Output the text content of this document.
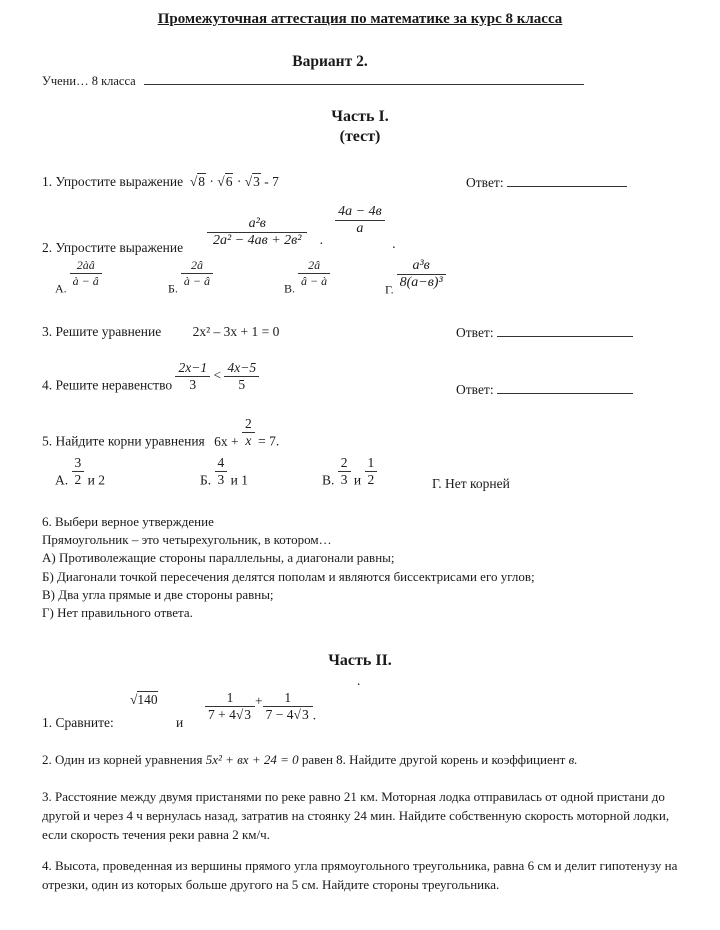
Промежуточная аттестация по математике за курс 8 класса
Вариант 2.
Учени… 8 класса
Часть I.
(тест)
1. Упростите выражение √8 · √6 · √3 - 7	Ответ:
2. Упростите выражение $\frac{\text{a²в}}{\text{2a² − 4aв + 2в²}}$ ·
$\frac{4a - 4в}{a}$
.
А. $\frac{2àâ}{à - â}$	Б. $\frac{2â}{à - â}$	В. $\frac{2â}{â - à}$
Г. $\frac{\text{a³в}}{\text{8(a−в)³}}$
3. Решите уравнение 2x² – 3x + 1 = 0	Ответ:
4. Решите неравенство $\frac{2x-1}{3} < \frac{4x-5}{5}$	Ответ:
5. Найдите корни уравнения $6x + \frac{2}{x} = 7$.
А. $\frac{3}{2}$ и 2	Б. $\frac{4}{3}$ и 1	В. $\frac{2}{3}$ и $\frac{1}{2}$	Г. Нет корней
6. Выбери верное утверждение
Прямоугольник – это четырехугольник, в котором…
А) Противолежащие стороны параллельны, а диагонали равны;
Б) Диагонали точкой пересечения делятся пополам и являются биссектрисами его углов;
В) Два угла прямые и две стороны равны;
Г) Нет правильного ответа.
Часть II.
.
1. Сравните:
√140
и $\frac{1}{7 + 4√3} + \frac{1}{7 - 4√3}$ .
2. Один из корней уравнения 5x² + вx + 24 = 0 равен 8. Найдите другой корень и коэффициент в.
3. Расстояние между двумя пристанями по реке равно 21 км. Моторная лодка отправилась от одной пристани до другой и через 4 ч вернулась назад, затратив на стоянку 24 мин. Найдите собственную скорость моторной лодки, если скорость течения реки равна 2 км/ч.
4. Высота, проведенная из вершины прямого угла прямоугольного треугольника, равна 6 см и делит гипотенузу на отрезки, один из которых больше другого на 5 см. Найдите стороны треугольника.
